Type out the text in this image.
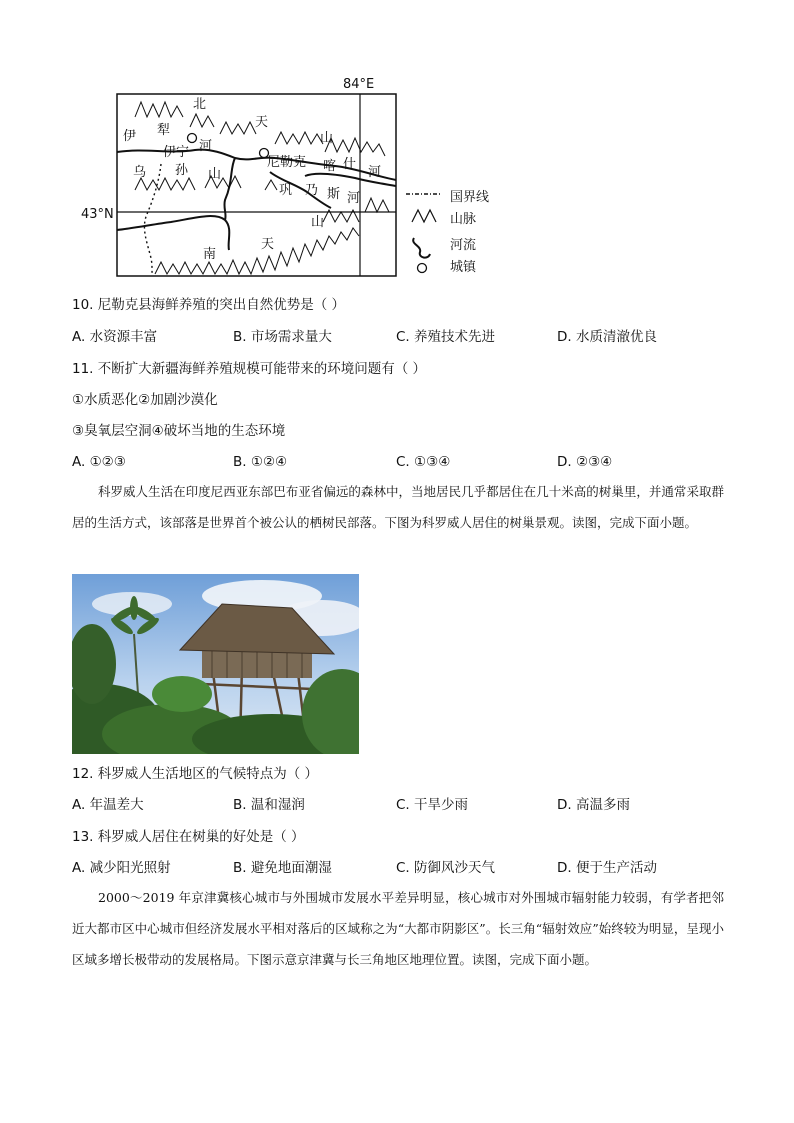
84°E
43°N
北
天
山
伊 犁
河
伊宁
尼勒克 喀 什
河
乌 孙 山
巩 乃 斯 河
山
南
天
国界线
山脉
河流
城镇
10. 尼勒克县海鲜养殖的突出自然优势是（ ）
A. 水资源丰富	B. 市场需求量大	C. 养殖技术先进	D. 水质清澈优良
11. 不断扩大新疆海鲜养殖规模可能带来的环境问题有（ ）
①水质恶化②加剧沙漠化
③臭氧层空洞④破坏当地的生态环境
A. ①②③	B. ①②④	C. ①③④	D. ②③④
科罗威人生活在印度尼西亚东部巴布亚省偏远的森林中，当地居民几乎都居住在几十米高的树巢里，并通常采取群居的生活方式，该部落是世界首个被公认的栖树民部落。下图为科罗威人居住的树巢景观。读图，完成下面小题。
12. 科罗威人生活地区的气候特点为（ ）
A. 年温差大	B. 温和湿润	C. 干旱少雨	D. 高温多雨
13. 科罗威人居住在树巢的好处是（ ）
A. 减少阳光照射	B. 避免地面潮湿	C. 防御风沙天气	D. 便于生产活动
2000～2019 年京津冀核心城市与外围城市发展水平差异明显，核心城市对外围城市辐射能力较弱，有学者把邻近大都市区中心城市但经济发展水平相对落后的区域称之为“大都市阴影区”。长三角“辐射效应”始终较为明显，呈现小区域多增长极带动的发展格局。下图示意京津冀与长三角地区地理位置。读图，完成下面小题。
